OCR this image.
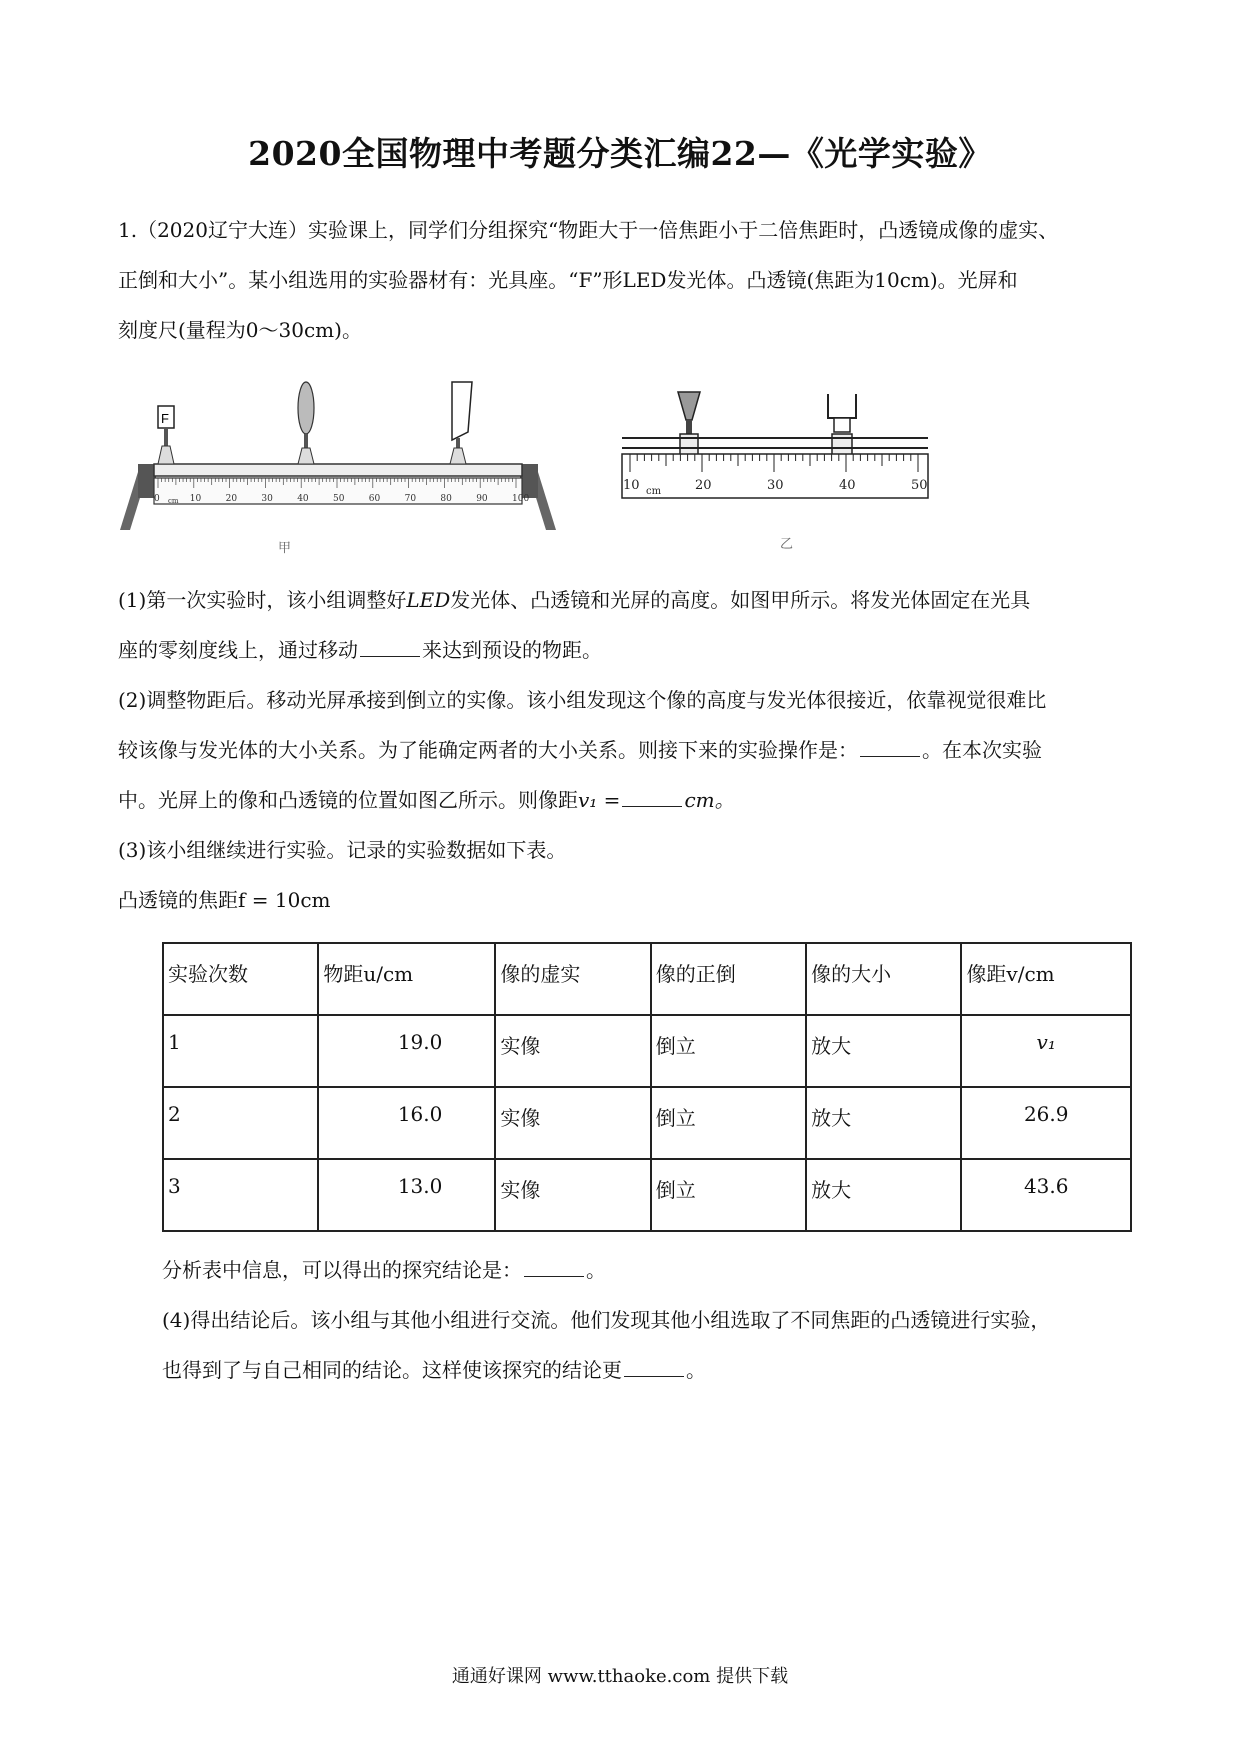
2020全国物理中考题分类汇编22—《光学实验》
1.（2020辽宁大连）实验课上，同学们分组探究“物距大于一倍焦距小于二倍焦距时，凸透镜成像的虚实、
正倒和大小”。某小组选用的实验器材有：光具座。“F”形LED发光体。凸透镜(焦距为10cm)。光屏和
刻度尺(量程为0～30cm)。
0	10	20	30	40	50	60	70	80	90	100
cm
F
甲
10	20	30	40	50
cm
乙
(1)第一次实验时，该小组调整好LED发光体、凸透镜和光屏的高度。如图甲所示。将发光体固定在光具
座的零刻度线上，通过移动	来达到预设的物距。
(2)调整物距后。移动光屏承接到倒立的实像。该小组发现这个像的高度与发光体很接近，依靠视觉很难比
较该像与发光体的大小关系。为了能确定两者的大小关系。则接下来的实验操作是：	。在本次实验
中。光屏上的像和凸透镜的位置如图乙所示。则像距v₁ =	cm。
(3)该小组继续进行实验。记录的实验数据如下表。
凸透镜的焦距f = 10cm
实验次数	物距u/cm	像的虚实	像的正倒	像的大小	像距v/cm
1	19.0	实像	倒立	放大	v₁
2	16.0	实像	倒立	放大	26.9
3	13.0	实像	倒立	放大	43.6
分析表中信息，可以得出的探究结论是：	。
(4)得出结论后。该小组与其他小组进行交流。他们发现其他小组选取了不同焦距的凸透镜进行实验，
也得到了与自己相同的结论。这样使该探究的结论更	。
通通好课网 www.tthaoke.com 提供下载
